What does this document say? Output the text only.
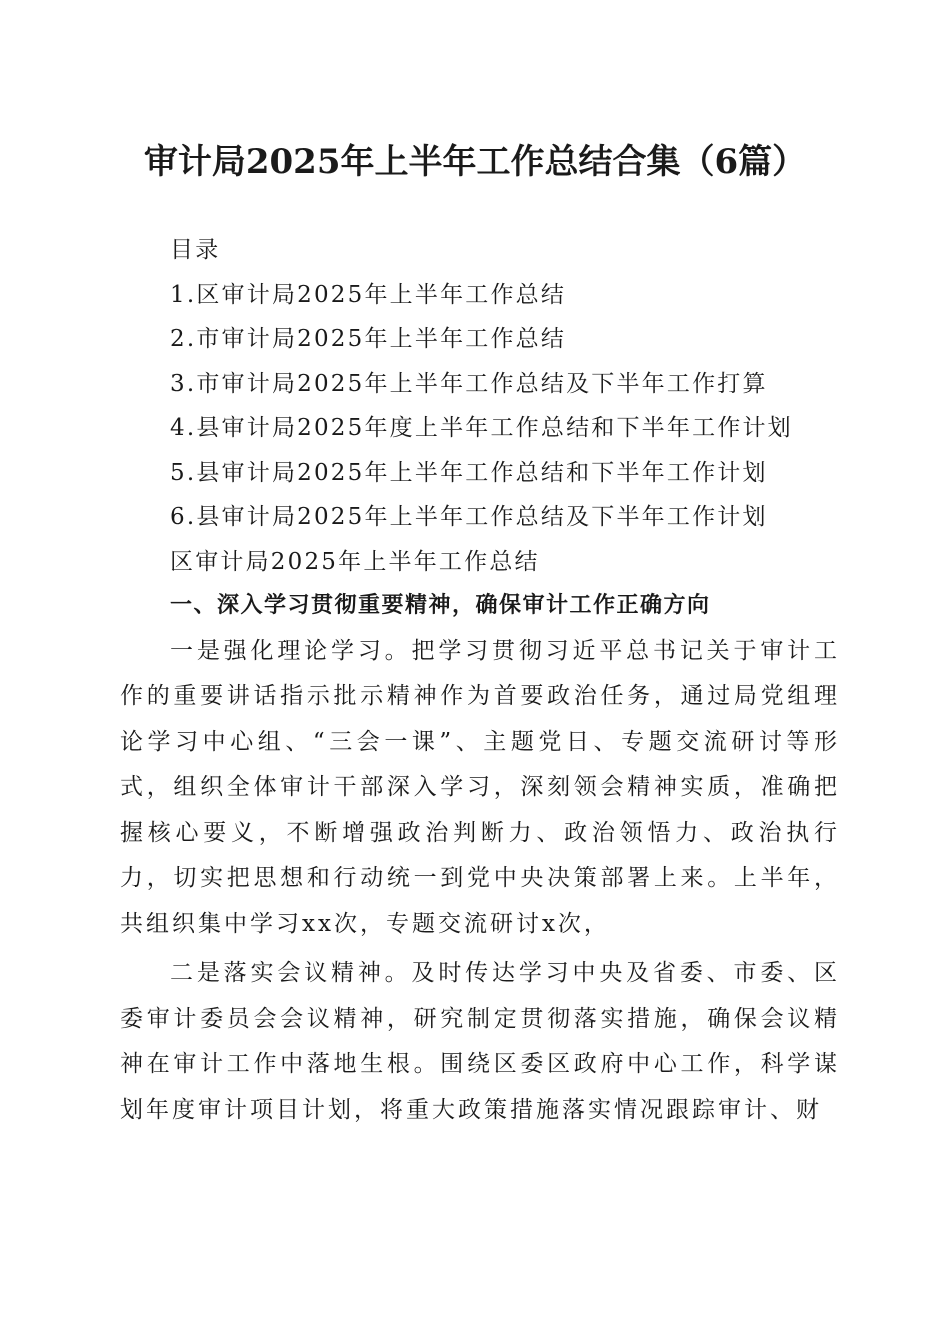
审计局2025年上半年工作总结合集（6篇）
目录
1.区审计局2025年上半年工作总结
2.市审计局2025年上半年工作总结
3.市审计局2025年上半年工作总结及下半年工作打算
4.县审计局2025年度上半年工作总结和下半年工作计划
5.县审计局2025年上半年工作总结和下半年工作计划
6.县审计局2025年上半年工作总结及下半年工作计划
区审计局2025年上半年工作总结
一、深入学习贯彻重要精神，确保审计工作正确方向

一是强化理论学习。把学习贯彻习近平总书记关于审计工作的重要讲话指示批示精神作为首要政治任务，通过局党组理论学习中心组、“三会一课”、主题党日、专题交流研讨等形式，组织全体审计干部深入学习，深刻领会精神实质，准确把握核心要义，不断增强政治判断力、政治领悟力、政治执行力，切实把思想和行动统一到党中央决策部署上来。上半年，共组织集中学习xx次，专题交流研讨x次，

二是落实会议精神。及时传达学习中央及省委、市委、区委审计委员会会议精神，研究制定贯彻落实措施，确保会议精神在审计工作中落地生根。围绕区委区政府中心工作，科学谋划年度审计项目计划，将重大政策措施落实情况跟踪审计、财
